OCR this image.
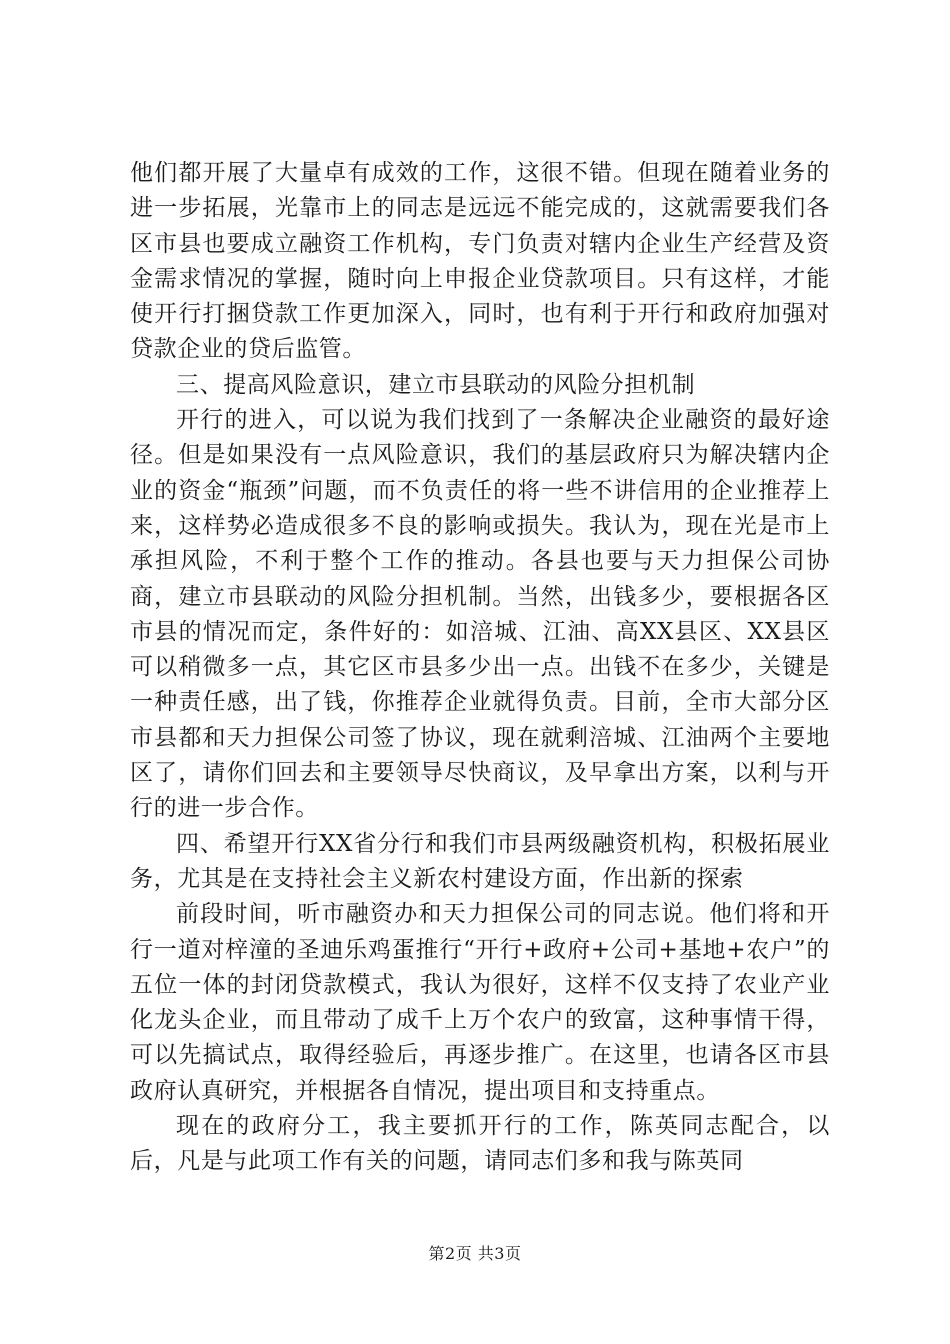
他们都开展了大量卓有成效的工作，这很不错。但现在随着业务的进一步拓展，光靠市上的同志是远远不能完成的，这就需要我们各区市县也要成立融资工作机构，专门负责对辖内企业生产经营及资金需求情况的掌握，随时向上申报企业贷款项目。只有这样，才能使开行打捆贷款工作更加深入，同时，也有利于开行和政府加强对贷款企业的贷后监管。

三、提高风险意识，建立市县联动的风险分担机制

开行的进入，可以说为我们找到了一条解决企业融资的最好途径。但是如果没有一点风险意识，我们的基层政府只为解决辖内企业的资金“瓶颈”问题，而不负责任的将一些不讲信用的企业推荐上来，这样势必造成很多不良的影响或损失。我认为，现在光是市上承担风险，不利于整个工作的推动。各县也要与天力担保公司协商，建立市县联动的风险分担机制。当然，出钱多少，要根据各区市县的情况而定，条件好的：如涪城、江油、高XX县区、XX县区可以稍微多一点，其它区市县多少出一点。出钱不在多少，关键是一种责任感，出了钱，你推荐企业就得负责。目前，全市大部分区市县都和天力担保公司签了协议，现在就剩涪城、江油两个主要地区了，请你们回去和主要领导尽快商议，及早拿出方案，以利与开行的进一步合作。

四、希望开行XX省分行和我们市县两级融资机构，积极拓展业务，尤其是在支持社会主义新农村建设方面，作出新的探索

前段时间，听市融资办和天力担保公司的同志说。他们将和开行一道对梓潼的圣迪乐鸡蛋推行“开行+政府+公司+基地+农户”的五位一体的封闭贷款模式，我认为很好，这样不仅支持了农业产业化龙头企业，而且带动了成千上万个农户的致富，这种事情干得，可以先搞试点，取得经验后，再逐步推广。在这里，也请各区市县政府认真研究，并根据各自情况，提出项目和支持重点。

现在的政府分工，我主要抓开行的工作，陈英同志配合，以后，凡是与此项工作有关的问题，请同志们多和我与陈英同

第2页 共3页
